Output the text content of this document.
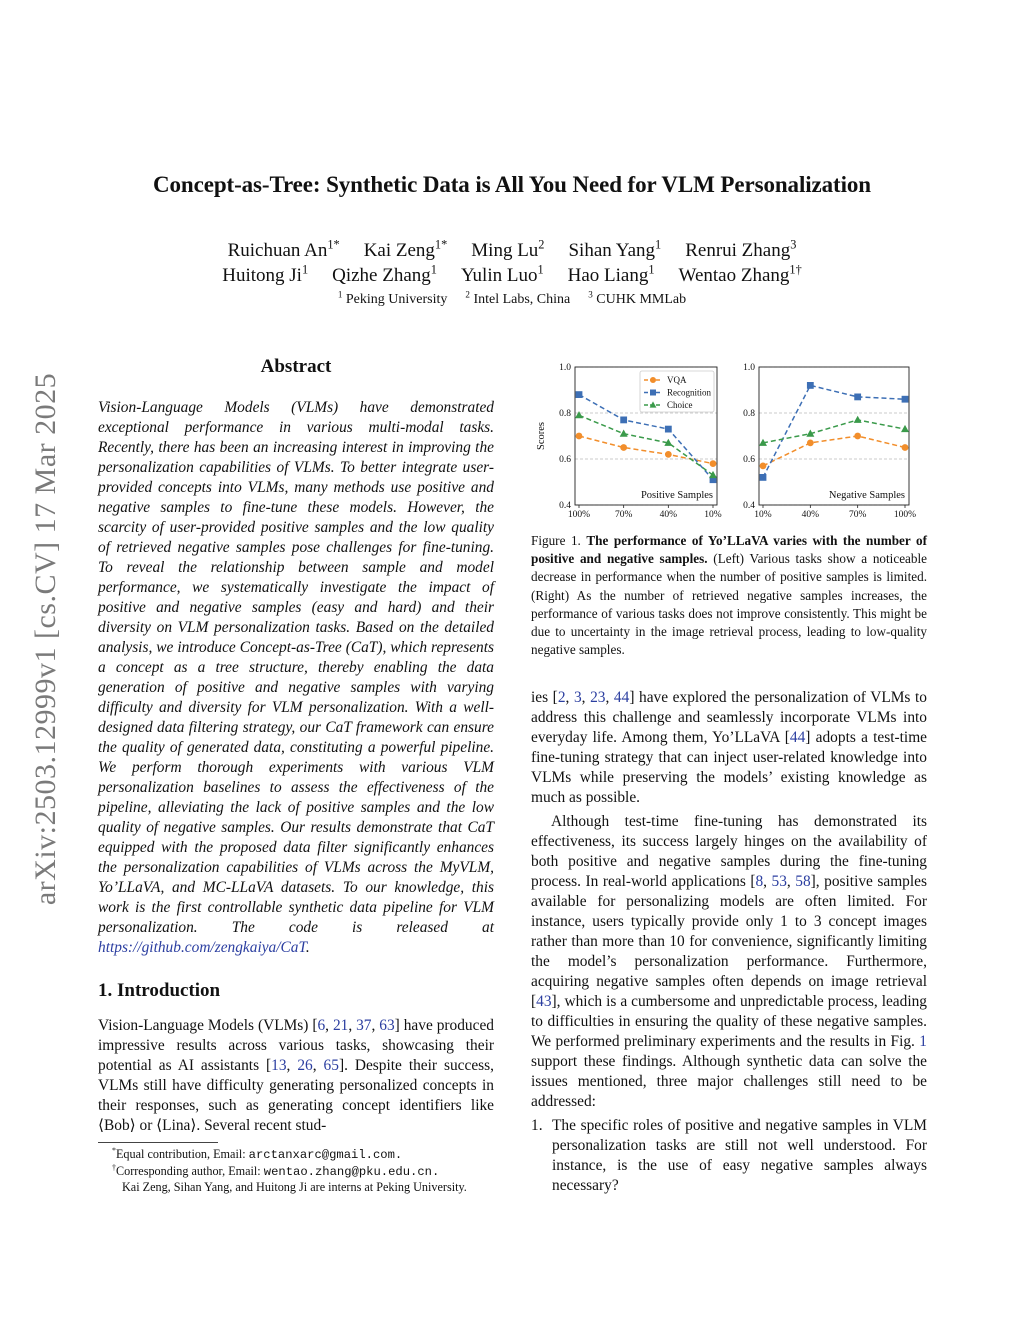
Concept-as-Tree: Synthetic Data is All You Need for VLM Personalization
Ruichuan $An^{1*}$ Kai Zeng$^{1*}$ Ming Lu$^2$ Sihan Yang$^1$ Renrui Zhang$^3$
Huitong Ji$^1$ Qizhe Zhang$^1$ Yulin Luo$^1$ Hao Liang$^1$ Wentao Zhang$^{1\dagger}$
$^1$ Peking University $^2$ Intel Labs, China $^3$ CUHK MMLab
arXiv:2503.12999v1 [cs.CV] 17 Mar 2025
Abstract
Vision-Language Models (VLMs) have demonstrated exceptional performance in various multi-modal tasks. Recently, there has been an increasing interest in improving the personalization capabilities of VLMs. To better integrate user-provided concepts into VLMs, many methods use positive and negative samples to fine-tune these models. However, the scarcity of user-provided positive samples and the low quality of retrieved negative samples pose challenges for fine-tuning. To reveal the relationship between sample and model performance, we systematically investigate the impact of positive and negative samples (easy and hard) and their diversity on VLM personalization tasks. Based on the detailed analysis, we introduce Concept-as-Tree (CaT), which represents a concept as a tree structure, thereby enabling the data generation of positive and negative samples with varying difficulty and diversity for VLM personalization. With a well-designed data filtering strategy, our CaT framework can ensure the quality of generated data, constituting a powerful pipeline. We perform thorough experiments with various VLM personalization baselines to assess the effectiveness of the pipeline, alleviating the lack of positive samples and the low quality of negative samples. Our results demonstrate that CaT equipped with the proposed data filter significantly enhances the personalization capabilities of VLMs across the MyVLM, Yo’LLaVA, and MC-LLaVA datasets. To our knowledge, this work is the first controllable synthetic data pipeline for VLM personalization. The code is released at https://github.com/zengkaiya/CaT.
1. Introduction
Vision-Language Models (VLMs) [6, 21, 37, 63] have produced impressive results across various tasks, showcasing their potential as AI assistants [13, 26, 65]. Despite their success, VLMs still have difficulty generating personalized concepts in their responses, such as generating concept identifiers like ⟨Bob⟩ or ⟨Lina⟩. Several recent stud-
*Equal contribution, Email: arctanxarc@gmail.com.
†Corresponding author, Email: wentao.zhang@pku.edu.cn.
Kai Zeng, Sihan Yang, and Huitong Ji are interns at Peking University.
0.4
0.6
0.8
1.0
100%	70%	40%	10%
Positive Samples
Scores
VQA
Recognition
Choice
0.4
0.6
0.8
1.0
10%	40%	70%	100%
Negative Samples
Figure 1. The performance of Yo’LLaVA varies with the number of positive and negative samples. (Left) Various tasks show a noticeable decrease in performance when the number of positive samples is limited. (Right) As the number of retrieved negative samples increases, the performance of various tasks does not improve consistently. This might be due to uncertainty in the image retrieval process, leading to low-quality negative samples.
ies [2, 3, 23, 44] have explored the personalization of VLMs to address this challenge and seamlessly incorporate VLMs into everyday life. Among them, Yo’LLaVA [44] adopts a test-time fine-tuning strategy that can inject user-related knowledge into VLMs while preserving the models’ existing knowledge as much as possible.
Although test-time fine-tuning has demonstrated its effectiveness, its success largely hinges on the availability of both positive and negative samples during the fine-tuning process. In real-world applications [8, 53, 58], positive samples available for personalizing models are often limited. For instance, users typically provide only 1 to 3 concept images rather than more than 10 for convenience, significantly limiting the model’s personalization performance. Furthermore, acquiring negative samples often depends on image retrieval [43], which is a cumbersome and unpredictable process, leading to difficulties in ensuring the quality of these negative samples. We performed preliminary experiments and the results in Fig. 1 support these findings. Although synthetic data can solve the issues mentioned, three major challenges still need to be addressed:
1. The specific roles of positive and negative samples in VLM personalization tasks are still not well understood. For instance, is the use of easy negative samples always necessary?
